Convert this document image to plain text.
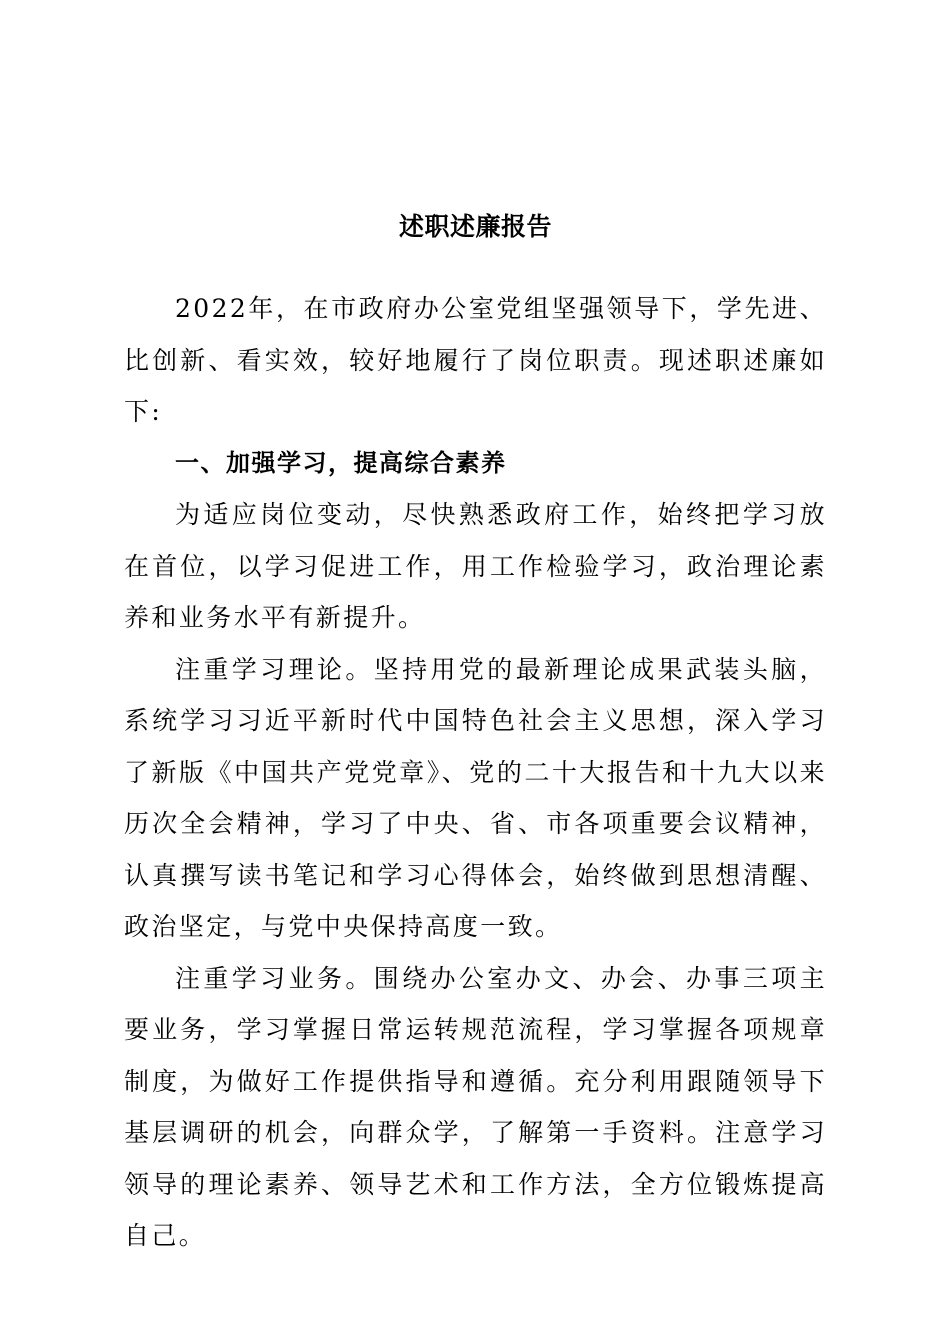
述职述廉报告

2022年，在市政府办公室党组坚强领导下，学先进、比创新、看实效，较好地履行了岗位职责。现述职述廉如下:

一、加强学习，提高综合素养

为适应岗位变动，尽快熟悉政府工作，始终把学习放在首位，以学习促进工作，用工作检验学习，政治理论素养和业务水平有新提升。

注重学习理论。坚持用党的最新理论成果武装头脑，系统学习习近平新时代中国特色社会主义思想，深入学习了新版《中国共产党党章》、党的二十大报告和十九大以来历次全会精神，学习了中央、省、市各项重要会议精神，认真撰写读书笔记和学习心得体会，始终做到思想清醒、政治坚定，与党中央保持高度一致。

注重学习业务。围绕办公室办文、办会、办事三项主要业务，学习掌握日常运转规范流程，学习掌握各项规章制度，为做好工作提供指导和遵循。充分利用跟随领导下基层调研的机会，向群众学，了解第一手资料。注意学习领导的理论素养、领导艺术和工作方法，全方位锻炼提高自己。
